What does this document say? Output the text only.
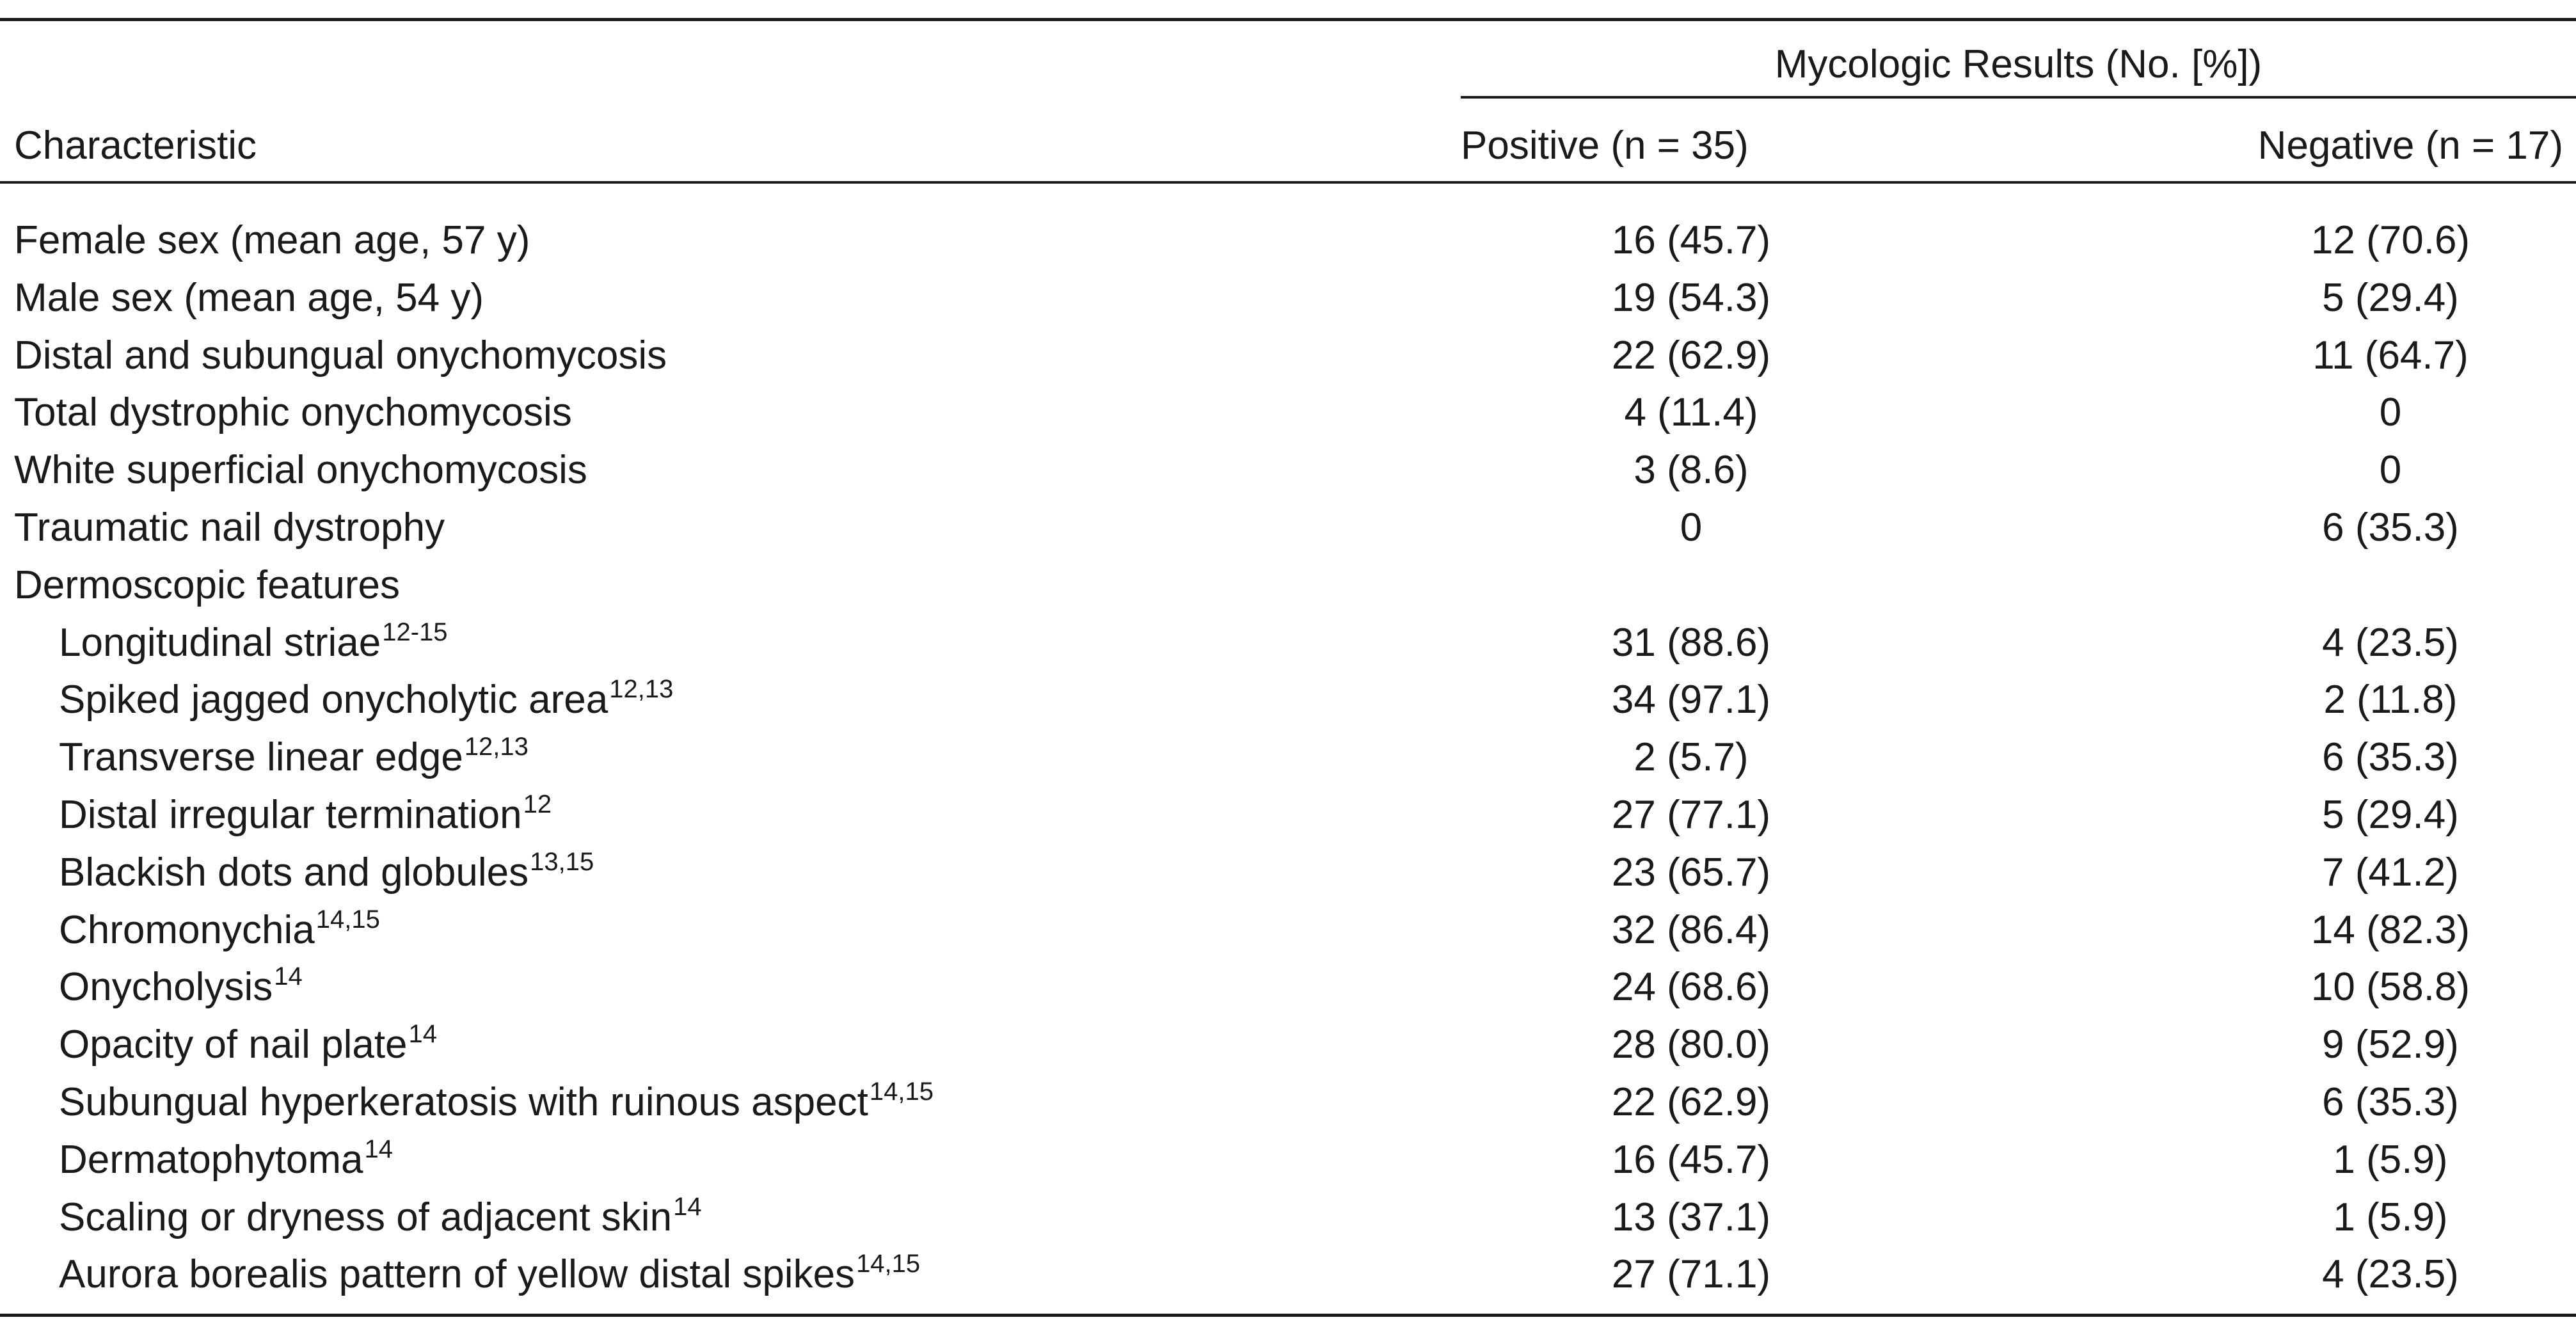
Mycologic Results (No. [%])
Characteristic	Positive (n = 35)	Negative (n = 17)
Female sex (mean age, 57 y)	16 (45.7)	12 (70.6)
Male sex (mean age, 54 y)	19 (54.3)	5 (29.4)
Distal and subungual onychomycosis	22 (62.9)	11 (64.7)
Total dystrophic onychomycosis	4 (11.4)	0
White superficial onychomycosis	3 (8.6)	0
Traumatic nail dystrophy	0	6 (35.3)
Dermoscopic features
Longitudinal striae$^{12-15}$	31 (88.6)	4 (23.5)
Spiked jagged onycholytic area$^{12,13}$	34 (97.1)	2 (11.8)
Transverse linear edge$^{12,13}$	2 (5.7)	6 (35.3)
Distal irregular termination$^{12}$	27 (77.1)	5 (29.4)
Blackish dots and globules$^{13,15}$	23 (65.7)	7 (41.2)
Chromonychia$^{14,15}$	32 (86.4)	14 (82.3)
Onycholysis$^{14}$	24 (68.6)	10 (58.8)
Opacity of nail plate$^{14}$	28 (80.0)	9 (52.9)
Subungual hyperkeratosis with ruinous aspect$^{14,15}$	22 (62.9)	6 (35.3)
Dermatophytoma$^{14}$	16 (45.7)	1 (5.9)
Scaling or dryness of adjacent skin$^{14}$	13 (37.1)	1 (5.9)
Aurora borealis pattern of yellow distal spikes$^{14,15}$	27 (71.1)	4 (23.5)
